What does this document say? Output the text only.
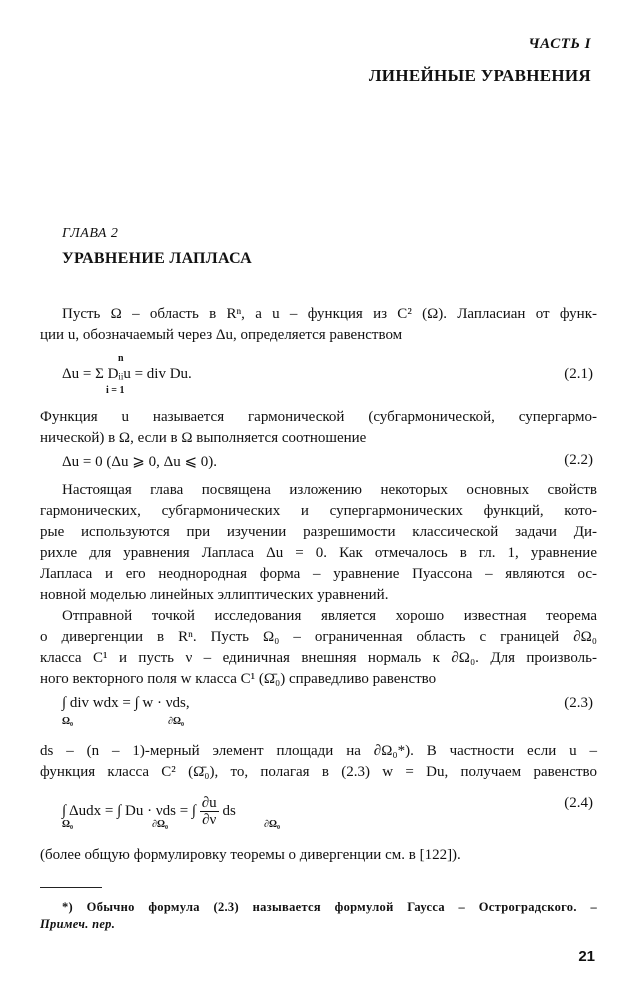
ЧАСТЬ I
ЛИНЕЙНЫЕ УРАВНЕНИЯ
ГЛАВА 2
УРАВНЕНИЕ ЛАПЛАСА
Пусть Ω – область в Rⁿ, а u – функция из C² (Ω). Лапласиан от функ-
ции u, обозначаемый через Δu, определяется равенством
n
Δu = Σ Dᵢᵢu = div Du.
i = 1
(2.1)
Функция u называется гармонической (субгармонической, супергармо-
нической) в Ω, если в Ω выполняется соотношение
Δu = 0 (Δu ⩾ 0, Δu ⩽ 0).	(2.2)
Настоящая глава посвящена изложению некоторых основных свойств
гармонических, субгармонических и супергармонических функций, кото-
рые используются при изучении разрешимости классической задачи Ди-
рихле для уравнения Лапласа Δu = 0. Как отмечалось в гл. 1, уравнение
Лапласа и его неоднородная форма – уравнение Пуассона – являются ос-
новной моделью линейных эллиптических уравнений.
Отправной точкой исследования является хорошо известная теорема
о дивергенции в Rⁿ. Пусть Ω₀ – ограниченная область с границей ∂Ω₀
класса C¹ и пусть ν – единичная внешняя нормаль к ∂Ω₀. Для произволь-
ного векторного поля w класса C¹ (Ω̄₀) справедливо равенство
∫ div wdx = ∫ w · νds,
Ω₀	∂Ω₀
(2.3)
ds – (n – 1)-мерный элемент площади на ∂Ω₀*). В частности если u –
функция класса C² (Ω̄₀), то, полагая в (2.3) w = Du, получаем равенство
∫ Δudx = ∫ Du · νds = ∫ $\frac{\partial u}{\partial\nu}$ ds
Ω₀	∂Ω₀	∂Ω₀
(2.4)
(более общую формулировку теоремы о дивергенции см. в [122]).
*) Обычно формула (2.3) называется формулой Гаусса – Остроградского. –
Примеч. пер.
21
